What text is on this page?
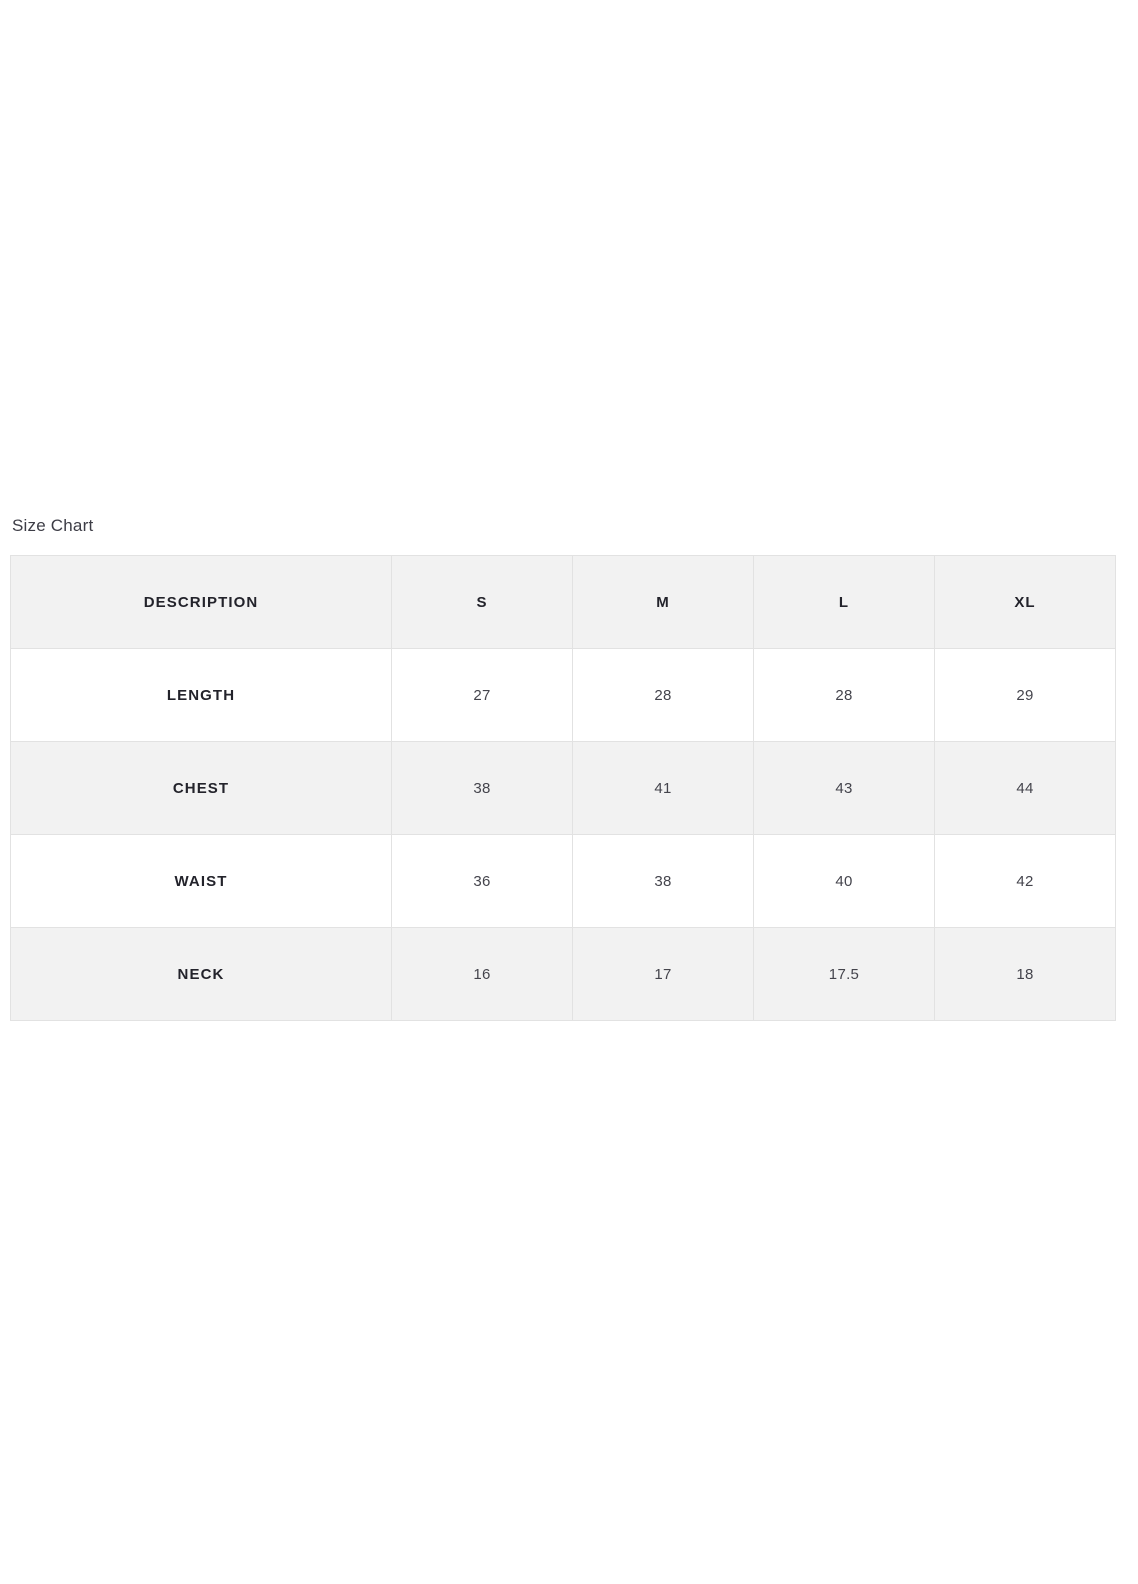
Size Chart
DESCRIPTION	S	M	L	XL
LENGTH	27	28	28	29
CHEST	38	41	43	44
WAIST	36	38	40	42
NECK	16	17	17.5	18
